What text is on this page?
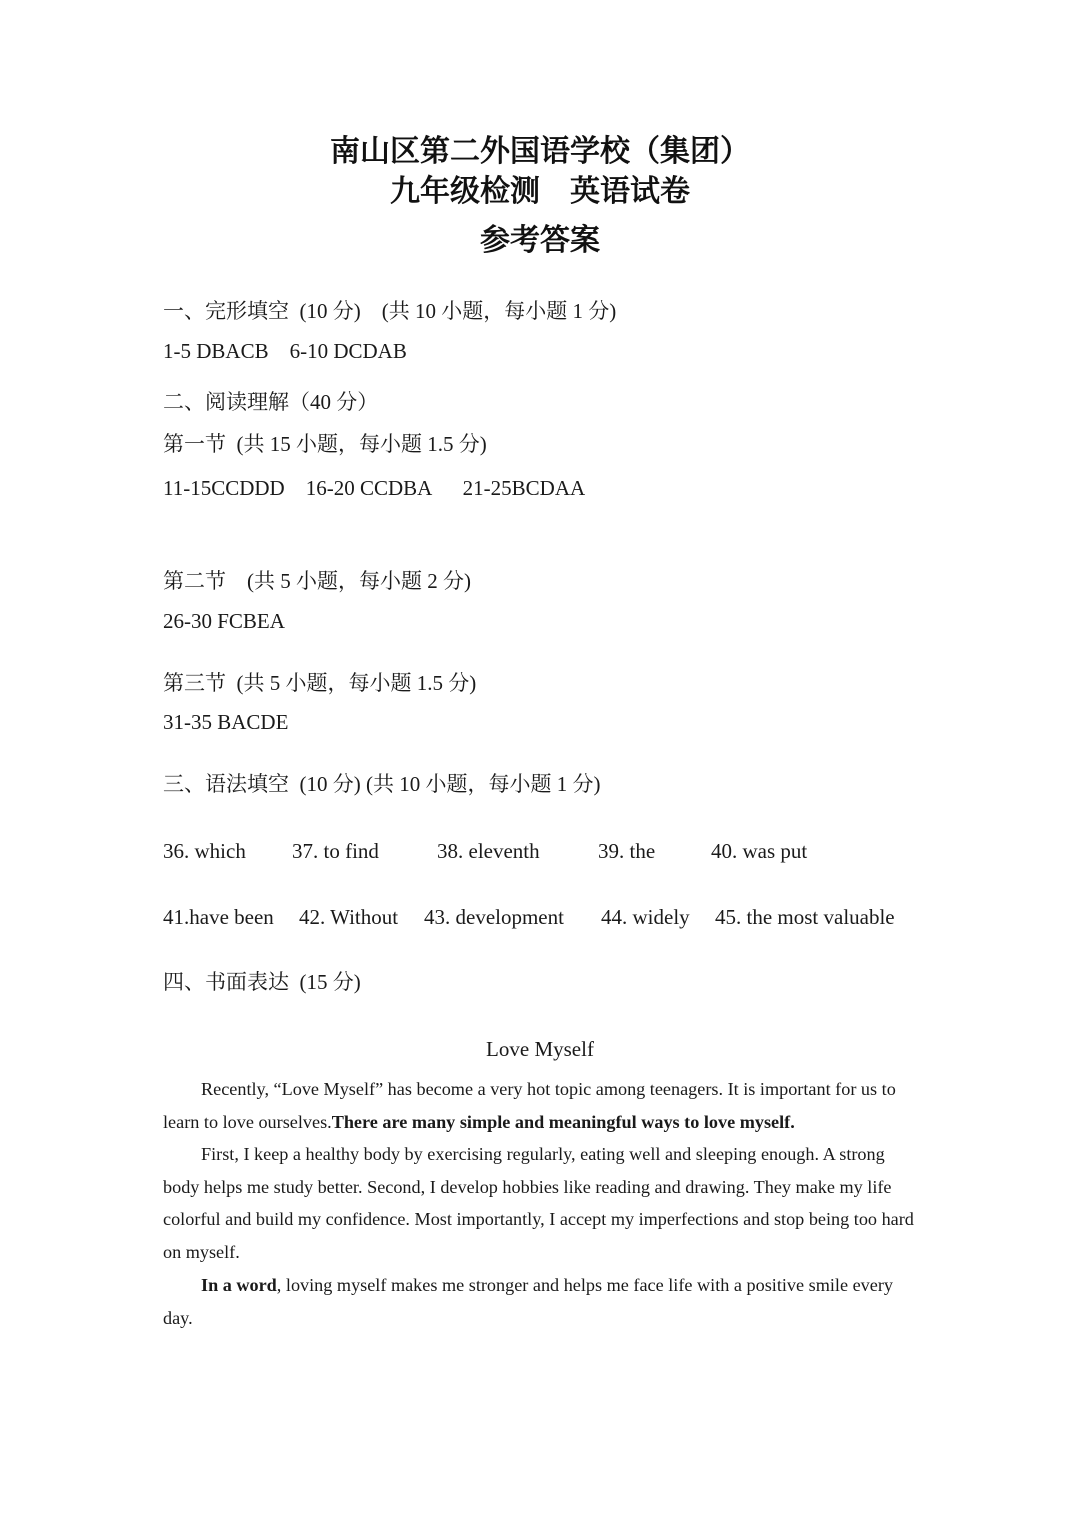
南山区第二外国语学校（集团）
九年级检测　英语试卷
参考答案
一、完形填空  (10 分)    (共 10 小题，每小题 1 分)
1-5 DBACB    6-10 DCDAB
二、阅读理解（40 分）
第一节  (共 15 小题，每小题 1.5 分)
11-15CCDDD    16-20 CCDBA      21-25BCDAA
第二节    (共 5 小题，每小题 2 分)
26-30 FCBEA
第三节  (共 5 小题，每小题 1.5 分)
31-35 BACDE
三、语法填空  (10 分) (共 10 小题，每小题 1 分)
36. which 37. to find	38. eleventh	39. the	40. was put
41.have been 42. Without 43. development 44. widely 45. the most valuable
四、书面表达  (15 分)
Love Myself
Recently, “Love Myself” has become a very hot topic among teenagers. It is important for us to learn to love ourselves.There are many simple and meaningful ways to love myself.
First, I keep a healthy body by exercising regularly, eating well and sleeping enough. A strong body helps me study better. Second, I develop hobbies like reading and drawing. They make my life colorful and build my confidence. Most importantly, I accept my imperfections and stop being too hard on myself.
In a word, loving myself makes me stronger and helps me face life with a positive smile every day.
